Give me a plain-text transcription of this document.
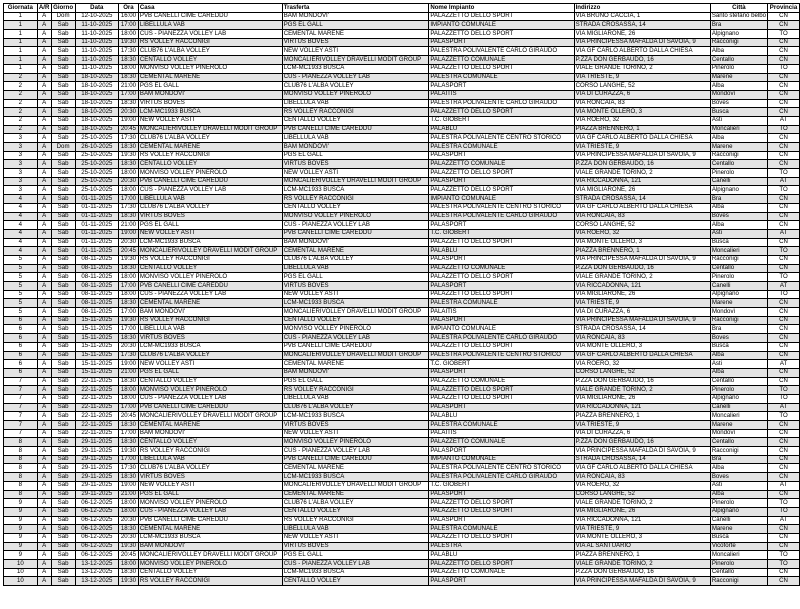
Giornata	A/R	Giorno	Data	Ora	Casa	Trasferta	Nome Impianto	Indirizzo	Città	Provincia
1	A	Dom	12-10-2025	16:00	PVB CANELLI CIME CAREDDU	BAM MONDOVI'	PALAZZETTO DELLO SPORT	VIA BRUNO CACCIA, 1	Santo stefano belbo	CN
1	A	Sab	11-10-2025	17:00	LIBELLULA VAB	PGS EL GALL	IMPIANTO COMUNALE	STRADA CROSASSA, 14	Bra	CN
1	A	Sab	11-10-2025	18:00	CUS - PIANEZZA VOLLEY LAB	CEMENTAL MARENE	PALAZZETTO DELLO SPORT	VIA MIGLIARONE, 26	Alpignano	TO
1	A	Sab	11-10-2025	19:30	RS VOLLEY RACCONIGI	VIRTUS BOVES	PALASPORT	VIA PRINCIPESSA MAFALDA DI SAVOIA, 9	Racconigi	CN
1	A	Sab	11-10-2025	17:30	CLUB76 L'ALBA VOLLEY	NEW VOLLEY ASTI	PALESTRA POLIVALENTE CARLO GIRAUDO	VIA GF CARLO ALBERTO DALLA CHIESA	Alba	CN
1	A	Sab	11-10-2025	18:30	CENTALLO VOLLEY	MONCALIERIVOLLEY DRAVELLI MODIT GROUP	PALAZZETTO COMUNALE	P.ZZA DON GERBAUDO, 16	Centallo	CN
1	A	Sab	11-10-2025	18:00	MONVISO VOLLEY PINEROLO	LCM-MC1933 BUSCA	PALAZZETTO DELLO SPORT	VIALE GRANDE TORINO, 2	Pinerolo	TO
2	A	Sab	18-10-2025	18:30	CEMENTAL MARENE	CUS - PIANEZZA VOLLEY LAB	PALESTRA COMUNALE	VIA TRIESTE, 9	Marene	CN
2	A	Sab	18-10-2025	21:00	PGS EL GALL	CLUB76 L'ALBA VOLLEY	PALASPORT	CORSO LANGHE, 52	Alba	CN
2	A	Sab	18-10-2025	17:00	BAM MONDOVI'	MONVISO VOLLEY PINEROLO	PALAITIS	VIA DI CURAZZA, 6	Mondovì	CN
2	A	Sab	18-10-2025	18:30	VIRTUS BOVES	LIBELLULA VAB	PALESTRA POLIVALENTE CARLO GIRAUDO	VIA RONCAIA, 83	Boves	CN
2	A	Sab	18-10-2025	20:30	LCM-MC1933 BUSCA	RS VOLLEY RACCONIGI	PALAZZETTO DELLO SPORT	VIA MONTE OLLERO, 3	Busca	CN
2	A	Sab	18-10-2025	19:00	NEW VOLLEY ASTI	CENTALLO VOLLEY	T.C. GIOBERT	VIA ROERO, 32	Asti	AT
2	A	Sab	18-10-2025	20:45	MONCALIERIVOLLEY DRAVELLI MODIT GROUP	PVB CANELLI CIME CAREDDU	PALABLU	PIAZZA BRENNERO, 1	Moncalieri	TO
3	A	Sab	25-10-2025	17:30	CLUB76 L'ALBA VOLLEY	LIBELLULA VAB	PALESTRA POLIVALENTE CENTRO STORICO	VIA GF CARLO ALBERTO DALLA CHIESA	Alba	CN
3	A	Dom	26-10-2025	18:30	CEMENTAL MARENE	BAM MONDOVI'	PALESTRA COMUNALE	VIA TRIESTE, 9	Marene	CN
3	A	Sab	25-10-2025	19:30	RS VOLLEY RACCONIGI	PGS EL GALL	PALASPORT	VIA PRINCIPESSA MAFALDA DI SAVOIA, 9	Racconigi	CN
3	A	Sab	25-10-2025	18:30	CENTALLO VOLLEY	VIRTUS BOVES	PALAZZETTO COMUNALE	P.ZZA DON GERBAUDO, 16	Centallo	CN
3	A	Sab	25-10-2025	18:00	MONVISO VOLLEY PINEROLO	NEW VOLLEY ASTI	PALAZZETTO DELLO SPORT	VIALE GRANDE TORINO, 2	Pinerolo	TO
3	A	Sab	25-10-2025	20:30	PVB CANELLI CIME CAREDDU	MONCALIERIVOLLEY DRAVELLI MODIT GROUP	PALASPORT	VIA RICCADONNA, 121	Canelli	AT
3	A	Sab	25-10-2025	18:00	CUS - PIANEZZA VOLLEY LAB	LCM-MC1933 BUSCA	PALAZZETTO DELLO SPORT	VIA MIGLIARONE, 26	Alpignano	TO
4	A	Sab	01-11-2025	17:00	LIBELLULA VAB	RS VOLLEY RACCONIGI	IMPIANTO COMUNALE	STRADA CROSASSA, 14	Bra	CN
4	A	Sab	01-11-2025	17:30	CLUB76 L'ALBA VOLLEY	CENTALLO VOLLEY	PALESTRA POLIVALENTE CENTRO STORICO	VIA GF CARLO ALBERTO DALLA CHIESA	Alba	CN
4	A	Sab	01-11-2025	18:30	VIRTUS BOVES	MONVISO VOLLEY PINEROLO	PALESTRA POLIVALENTE CARLO GIRAUDO	VIA RONCAIA, 83	Boves	CN
4	A	Sab	01-11-2025	21:00	PGS EL GALL	CUS - PIANEZZA VOLLEY LAB	PALASPORT	CORSO LANGHE, 52	Alba	CN
4	A	Sab	01-11-2025	19:00	NEW VOLLEY ASTI	PVB CANELLI CIME CAREDDU	T.C. GIOBERT	VIA ROERO, 32	Asti	AT
4	A	Sab	01-11-2025	20:30	LCM-MC1933 BUSCA	BAM MONDOVI'	PALAZZETTO DELLO SPORT	VIA MONTE OLLERO, 3	Busca	CN
4	A	Sab	01-11-2025	20:45	MONCALIERIVOLLEY DRAVELLI MODIT GROUP	CEMENTAL MARENE	PALABLU	PIAZZA BRENNERO, 1	Moncalieri	TO
5	A	Sab	08-11-2025	19:30	RS VOLLEY RACCONIGI	CLUB76 L'ALBA VOLLEY	PALASPORT	VIA PRINCIPESSA MAFALDA DI SAVOIA, 9	Racconigi	CN
5	A	Sab	08-11-2025	18:30	CENTALLO VOLLEY	LIBELLULA VAB	PALAZZETTO COMUNALE	P.ZZA DON GERBAUDO, 16	Centallo	CN
5	A	Sab	08-11-2025	18:00	MONVISO VOLLEY PINEROLO	PGS EL GALL	PALAZZETTO DELLO SPORT	VIALE GRANDE TORINO, 2	Pinerolo	TO
5	A	Sab	08-11-2025	17:00	PVB CANELLI CIME CAREDDU	VIRTUS BOVES	PALASPORT	VIA RICCADONNA, 121	Canelli	AT
5	A	Sab	08-11-2025	18:00	CUS - PIANEZZA VOLLEY LAB	NEW VOLLEY ASTI	PALAZZETTO DELLO SPORT	VIA MIGLIARONE, 26	Alpignano	TO
5	A	Sab	08-11-2025	18:30	CEMENTAL MARENE	LCM-MC1933 BUSCA	PALESTRA COMUNALE	VIA TRIESTE, 9	Marene	CN
5	A	Sab	08-11-2025	17:00	BAM MONDOVI'	MONCALIERIVOLLEY DRAVELLI MODIT GROUP	PALAITIS	VIA DI CURAZZA, 6	Mondovì	CN
6	A	Sab	15-11-2025	19:30	RS VOLLEY RACCONIGI	CENTALLO VOLLEY	PALASPORT	VIA PRINCIPESSA MAFALDA DI SAVOIA, 9	Racconigi	CN
6	A	Sab	15-11-2025	17:00	LIBELLULA VAB	MONVISO VOLLEY PINEROLO	IMPIANTO COMUNALE	STRADA CROSASSA, 14	Bra	CN
6	A	Sab	15-11-2025	18:30	VIRTUS BOVES	CUS - PIANEZZA VOLLEY LAB	PALESTRA POLIVALENTE CARLO GIRAUDO	VIA RONCAIA, 83	Boves	CN
6	A	Sab	15-11-2025	20:30	LCM-MC1933 BUSCA	PVB CANELLI CIME CAREDDU	PALAZZETTO DELLO SPORT	VIA MONTE OLLERO, 3	Busca	CN
6	A	Sab	15-11-2025	17:30	CLUB76 L'ALBA VOLLEY	MONCALIERIVOLLEY DRAVELLI MODIT GROUP	PALESTRA POLIVALENTE CENTRO STORICO	VIA GF CARLO ALBERTO DALLA CHIESA	Alba	CN
6	A	Sab	15-11-2025	19:00	NEW VOLLEY ASTI	CEMENTAL MARENE	T.C. GIOBERT	VIA ROERO, 32	Asti	AT
6	A	Sab	15-11-2025	21:00	PGS EL GALL	BAM MONDOVI'	PALASPORT	CORSO LANGHE, 52	Alba	CN
7	A	Sab	22-11-2025	18:30	CENTALLO VOLLEY	PGS EL GALL	PALAZZETTO COMUNALE	P.ZZA DON GERBAUDO, 16	Centallo	CN
7	A	Sab	22-11-2025	18:00	MONVISO VOLLEY PINEROLO	RS VOLLEY RACCONIGI	PALAZZETTO DELLO SPORT	VIALE GRANDE TORINO, 2	Pinerolo	TO
7	A	Sab	22-11-2025	18:00	CUS - PIANEZZA VOLLEY LAB	LIBELLULA VAB	PALAZZETTO DELLO SPORT	VIA MIGLIARONE, 26	Alpignano	TO
7	A	Sab	22-11-2025	17:00	PVB CANELLI CIME CAREDDU	CLUB76 L'ALBA VOLLEY	PALASPORT	VIA RICCADONNA, 121	Canelli	AT
7	A	Sab	22-11-2025	20:45	MONCALIERIVOLLEY DRAVELLI MODIT GROUP	LCM-MC1933 BUSCA	PALABLU	PIAZZA BRENNERO, 1	Moncalieri	TO
7	A	Sab	22-11-2025	18:30	CEMENTAL MARENE	VIRTUS BOVES	PALESTRA COMUNALE	VIA TRIESTE, 9	Marene	CN
7	A	Sab	22-11-2025	17:00	BAM MONDOVI'	NEW VOLLEY ASTI	PALAITIS	VIA DI CURAZZA, 6	Mondovì	CN
8	A	Sab	29-11-2025	18:30	CENTALLO VOLLEY	MONVISO VOLLEY PINEROLO	PALAZZETTO COMUNALE	P.ZZA DON GERBAUDO, 16	Centallo	CN
8	A	Sab	29-11-2025	19:30	RS VOLLEY RACCONIGI	CUS - PIANEZZA VOLLEY LAB	PALASPORT	VIA PRINCIPESSA MAFALDA DI SAVOIA, 9	Racconigi	CN
8	A	Sab	29-11-2025	17:00	LIBELLULA VAB	PVB CANELLI CIME CAREDDU	IMPIANTO COMUNALE	STRADA CROSASSA, 14	Bra	CN
8	A	Sab	29-11-2025	17:30	CLUB76 L'ALBA VOLLEY	CEMENTAL MARENE	PALESTRA POLIVALENTE CENTRO STORICO	VIA GF CARLO ALBERTO DALLA CHIESA	Alba	CN
8	A	Sab	29-11-2025	18:30	VIRTUS BOVES	LCM-MC1933 BUSCA	PALESTRA POLIVALENTE CARLO GIRAUDO	VIA RONCAIA, 83	Boves	CN
8	A	Sab	29-11-2025	19:00	NEW VOLLEY ASTI	MONCALIERIVOLLEY DRAVELLI MODIT GROUP	T.C. GIOBERT	VIA ROERO, 32	Asti	AT
8	A	Sab	29-11-2025	21:00	PGS EL GALL	CEMENTAL MARENE	PALASPORT	CORSO LANGHE, 52	Alba	CN
9	A	Sab	06-12-2025	18:00	MONVISO VOLLEY PINEROLO	CLUB76 L'ALBA VOLLEY	PALAZZETTO DELLO SPORT	VIALE GRANDE TORINO, 2	Pinerolo	TO
9	A	Sab	06-12-2025	18:00	CUS - PIANEZZA VOLLEY LAB	CENTALLO VOLLEY	PALAZZETTO DELLO SPORT	VIA MIGLIARONE, 26	Alpignano	TO
9	A	Sab	06-12-2025	20:30	PVB CANELLI CIME CAREDDU	RS VOLLEY RACCONIGI	PALASPORT	VIA RICCADONNA, 121	Canelli	AT
9	A	Sab	06-12-2025	18:30	CEMENTAL MARENE	LIBELLULA VAB	PALESTRA COMUNALE	VIA TRIESTE, 9	Marene	CN
9	A	Sab	06-12-2025	20:30	LCM-MC1933 BUSCA	NEW VOLLEY ASTI	PALAZZETTO DELLO SPORT	VIA MONTE OLLERO, 3	Busca	CN
9	A	Sab	06-12-2025	19:30	BAM MONDOVI'	VIRTUS BOVES	PALESTRA	VIA AL SANTUARIO	Vicoforte	CN
9	A	Sab	06-12-2025	20:45	MONCALIERIVOLLEY DRAVELLI MODIT GROUP	PGS EL GALL	PALABLU	PIAZZA BRENNERO, 1	Moncalieri	TO
10	A	Sab	13-12-2025	18:00	MONVISO VOLLEY PINEROLO	CUS - PIANEZZA VOLLEY LAB	PALAZZETTO DELLO SPORT	VIALE GRANDE TORINO, 2	Pinerolo	TO
10	A	Sab	13-12-2025	18:30	CENTALLO VOLLEY	LCM-MC1933 BUSCA	PALAZZETTO COMUNALE	P.ZZA DON GERBAUDO, 16	Centallo	CN
10	A	Sab	13-12-2025	19:30	RS VOLLEY RACCONIGI	CENTALLO VOLLEY	PALASPORT	VIA PRINCIPESSA MAFALDA DI SAVOIA, 9	Racconigi	CN
